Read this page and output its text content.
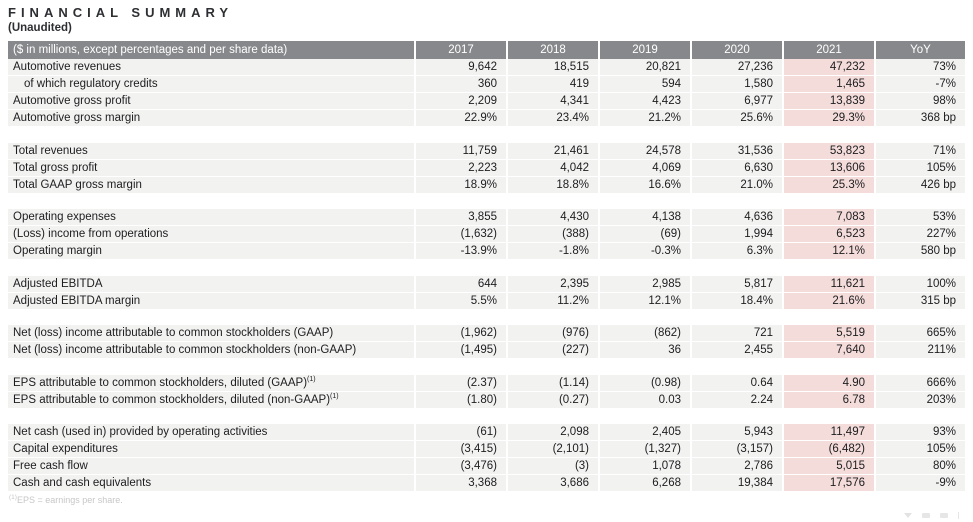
FINANCIAL SUMMARY
(Unaudited)
($ in millions, except percentages and per share data)	2017	2018	2019	2020	2021	YoY
Automotive revenues	9,642	18,515	20,821	27,236	47,232	73%
of which regulatory credits	360	419	594	1,580	1,465	-7%
Automotive gross profit	2,209	4,341	4,423	6,977	13,839	98%
Automotive gross margin	22.9%	23.4%	21.2%	25.6%	29.3%	368 bp

Total revenues	11,759	21,461	24,578	31,536	53,823	71%
Total gross profit	2,223	4,042	4,069	6,630	13,606	105%
Total GAAP gross margin	18.9%	18.8%	16.6%	21.0%	25.3%	426 bp

Operating expenses	3,855	4,430	4,138	4,636	7,083	53%
(Loss) income from operations	(1,632)	(388)	(69)	1,994	6,523	227%
Operating margin	-13.9%	-1.8%	-0.3%	6.3%	12.1%	580 bp

Adjusted EBITDA	644	2,395	2,985	5,817	11,621	100%
Adjusted EBITDA margin	5.5%	11.2%	12.1%	18.4%	21.6%	315 bp

Net (loss) income attributable to common stockholders (GAAP)	(1,962)	(976)	(862)	721	5,519	665%
Net (loss) income attributable to common stockholders (non-GAAP)	(1,495)	(227)	36	2,455	7,640	211%

EPS attributable to common stockholders, diluted (GAAP)$^{(1)}$	(2.37)	(1.14)	(0.98)	0.64	4.90	666%
EPS attributable to common stockholders, diluted (non-GAAP)$^{(1)}$	(1.80)	(0.27)	0.03	2.24	6.78	203%

Net cash (used in) provided by operating activities	(61)	2,098	2,405	5,943	11,497	93%
Capital expenditures	(3,415)	(2,101)	(1,327)	(3,157)	(6,482)	105%
Free cash flow	(3,476)	(3)	1,078	2,786	5,015	80%
Cash and cash equivalents	3,368	3,686	6,268	19,384	17,576	-9%
$^{(1)}$EPS = earnings per share.
